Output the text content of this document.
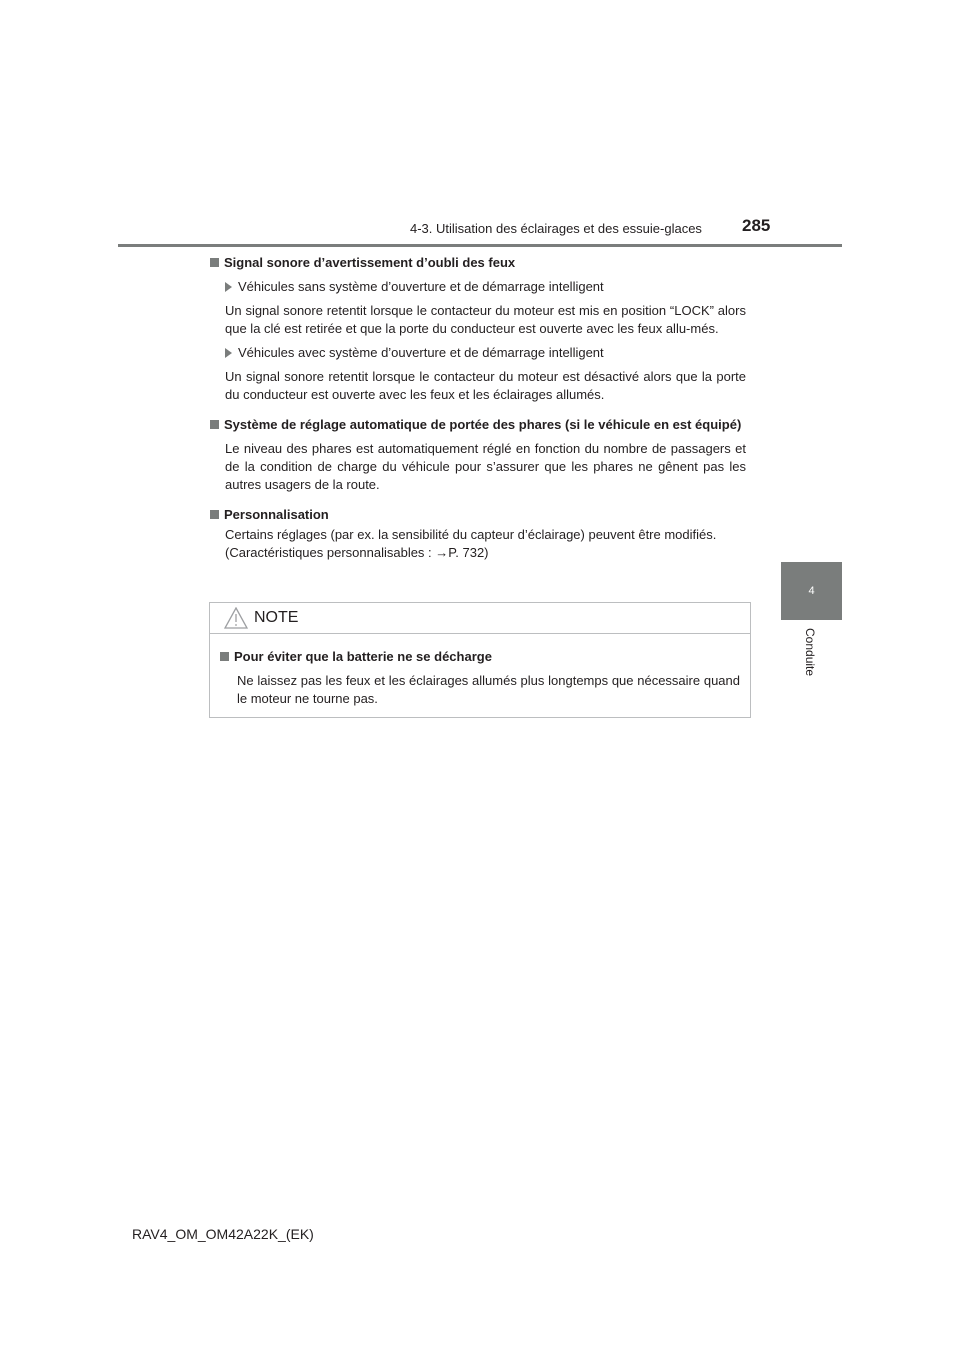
4-3. Utilisation des éclairages et des essuie-glaces 285
4
Conduite
Signal sonore d’avertissement d’oubli des feux
Véhicules sans système d’ouverture et de démarrage intelligent

Un signal sonore retentit lorsque le contacteur du moteur est mis en position “LOCK” alors que la clé est retirée et que la porte du conducteur est ouverte avec les feux allu-més.

Véhicules avec système d’ouverture et de démarrage intelligent

Un signal sonore retentit lorsque le contacteur du moteur est désactivé alors que la porte du conducteur est ouverte avec les feux et les éclairages allumés.

Système de réglage automatique de portée des phares (si le véhicule en est équipé)

Le niveau des phares est automatiquement réglé en fonction du nombre de passagers et de la condition de charge du véhicule pour s’assurer que les phares ne gênent pas les autres usagers de la route.

Personnalisation

Certains réglages (par ex. la sensibilité du capteur d’éclairage) peuvent être modifiés.

(Caractéristiques personnalisables : →P. 732)

NOTE
Pour éviter que la batterie ne se décharge

Ne laissez pas les feux et les éclairages allumés plus longtemps que nécessaire quand le moteur ne tourne pas.

RAV4_OM_OM42A22K_(EK)
